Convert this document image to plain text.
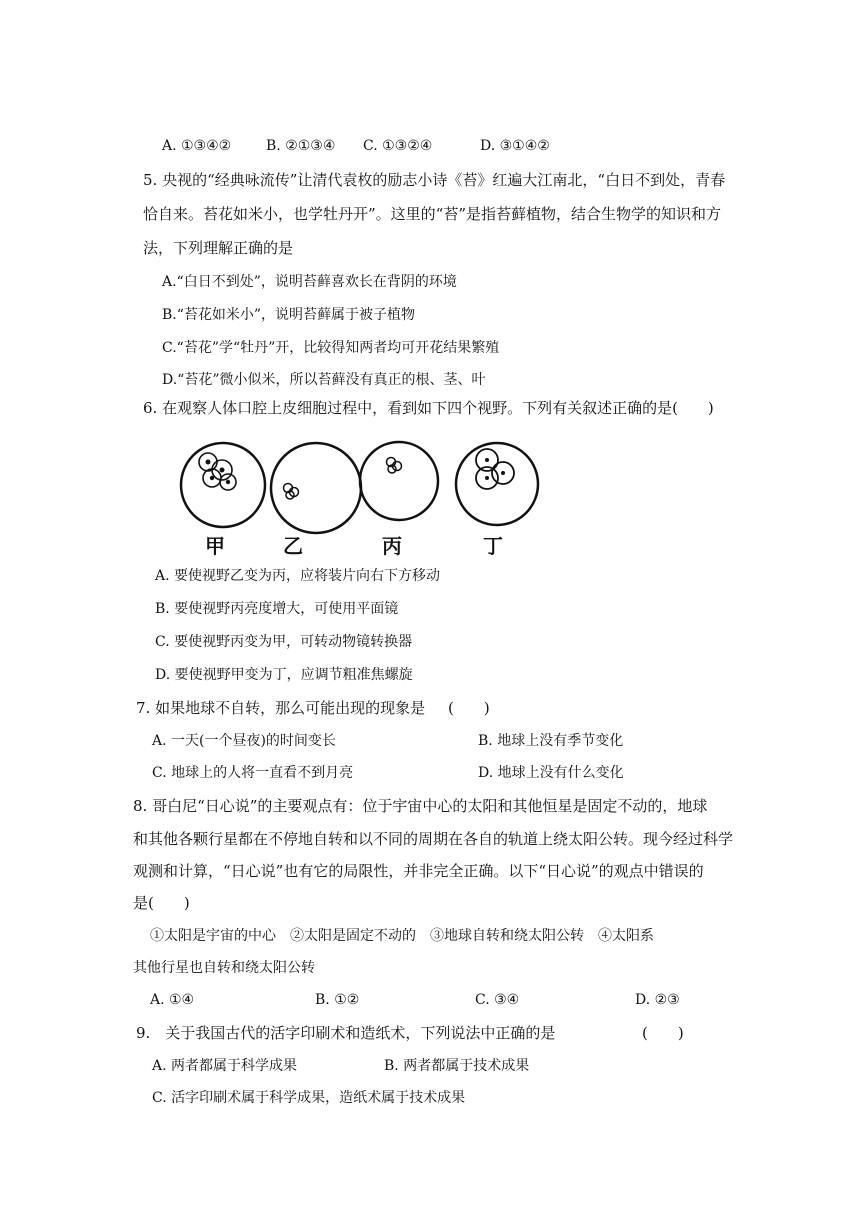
A. ①③④② B. ②①③④ C. ①③②④	D. ③①④②
5. 央视的“经典咏流传”让清代袁枚的励志小诗《苔》红遍大江南北，“白日不到处，青春
恰自来。苔花如米小，也学牡丹开”。这里的“苔”是指苔藓植物，结合生物学的知识和方
法，下列理解正确的是
A.“白日不到处”，说明苔藓喜欢长在背阴的环境
B.“苔花如米小”，说明苔藓属于被子植物
C.“苔花”学“牡丹”开，比较得知两者均可开花结果繁殖
D.“苔花”微小似米，所以苔藓没有真正的根、茎、叶
6. 在观察人体口腔上皮细胞过程中，看到如下四个视野。下列有关叙述正确的是(　　)
甲	乙	丙	丁
A. 要使视野乙变为丙，应将装片向右下方移动
B. 要使视野丙亮度增大，可使用平面镜
C. 要使视野丙变为甲，可转动物镜转换器
D. 要使视野甲变为丁，应调节粗准焦螺旋
7. 如果地球不自转，那么可能出现的现象是 (　　)
A. 一天(一个昼夜)的时间变长	B. 地球上没有季节变化
C. 地球上的人将一直看不到月亮	D. 地球上没有什么变化
8. 哥白尼“日心说”的主要观点有：位于宇宙中心的太阳和其他恒星是固定不动的，地球
和其他各颗行星都在不停地自转和以不同的周期在各自的轨道上绕太阳公转。现今经过科学
观测和计算，“日心说”也有它的局限性，并非完全正确。以下“日心说”的观点中错误的
是(　　)
①太阳是宇宙的中心　②太阳是固定不动的　③地球自转和绕太阳公转　④太阳系
其他行星也自转和绕太阳公转
A. ①④	B. ①②	C. ③④	D. ②③
9.　关于我国古代的活字印刷术和造纸术，下列说法中正确的是	(　　)
A. 两者都属于科学成果	B. 两者都属于技术成果
C. 活字印刷术属于科学成果，造纸术属于技术成果
